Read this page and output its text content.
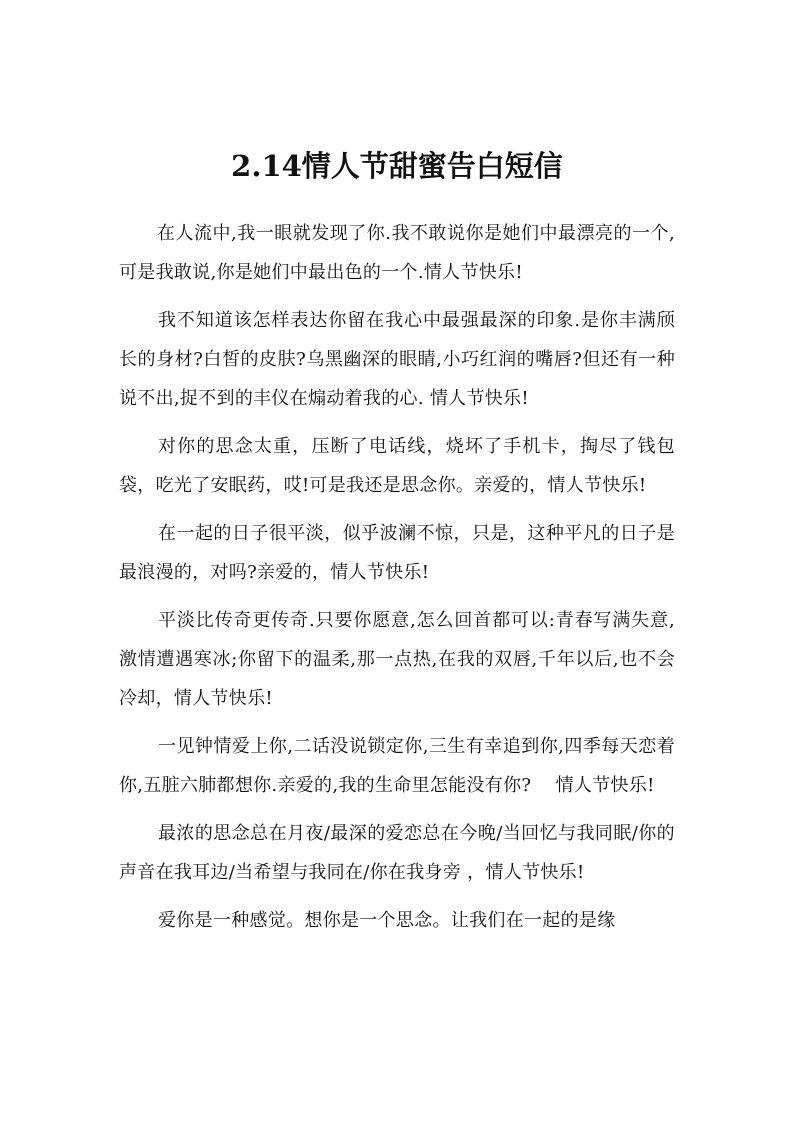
2.14情人节甜蜜告白短信

在人流中,我一眼就发现了你.我不敢说你是她们中最漂亮的一个,可是我敢说,你是她们中最出色的一个.情人节快乐!

我不知道该怎样表达你留在我心中最强最深的印象.是你丰满颀长的身材?白皙的皮肤?乌黑幽深的眼睛,小巧红润的嘴唇?但还有一种说不出,捉不到的丰仪在煽动着我的心. 情人节快乐!

对你的思念太重，压断了电话线，烧坏了手机卡，掏尽了钱包袋，吃光了安眠药，哎!可是我还是思念你。亲爱的，情人节快乐!

在一起的日子很平淡，似乎波澜不惊，只是，这种平凡的日子是最浪漫的，对吗?亲爱的，情人节快乐!

平淡比传奇更传奇.只要你愿意,怎么回首都可以:青春写满失意,激情遭遇寒冰;你留下的温柔,那一点热,在我的双唇,千年以后,也不会冷却，情人节快乐!

一见钟情爱上你,二话没说锁定你,三生有幸追到你,四季每天恋着你,五脏六肺都想你.亲爱的,我的生命里怎能没有你?　 情人节快乐!

最浓的思念总在月夜/最深的爱恋总在今晚/当回忆与我同眠/你的声音在我耳边/当希望与我同在/你在我身旁 ，情人节快乐!

爱你是一种感觉。想你是一个思念。让我们在一起的是缘
